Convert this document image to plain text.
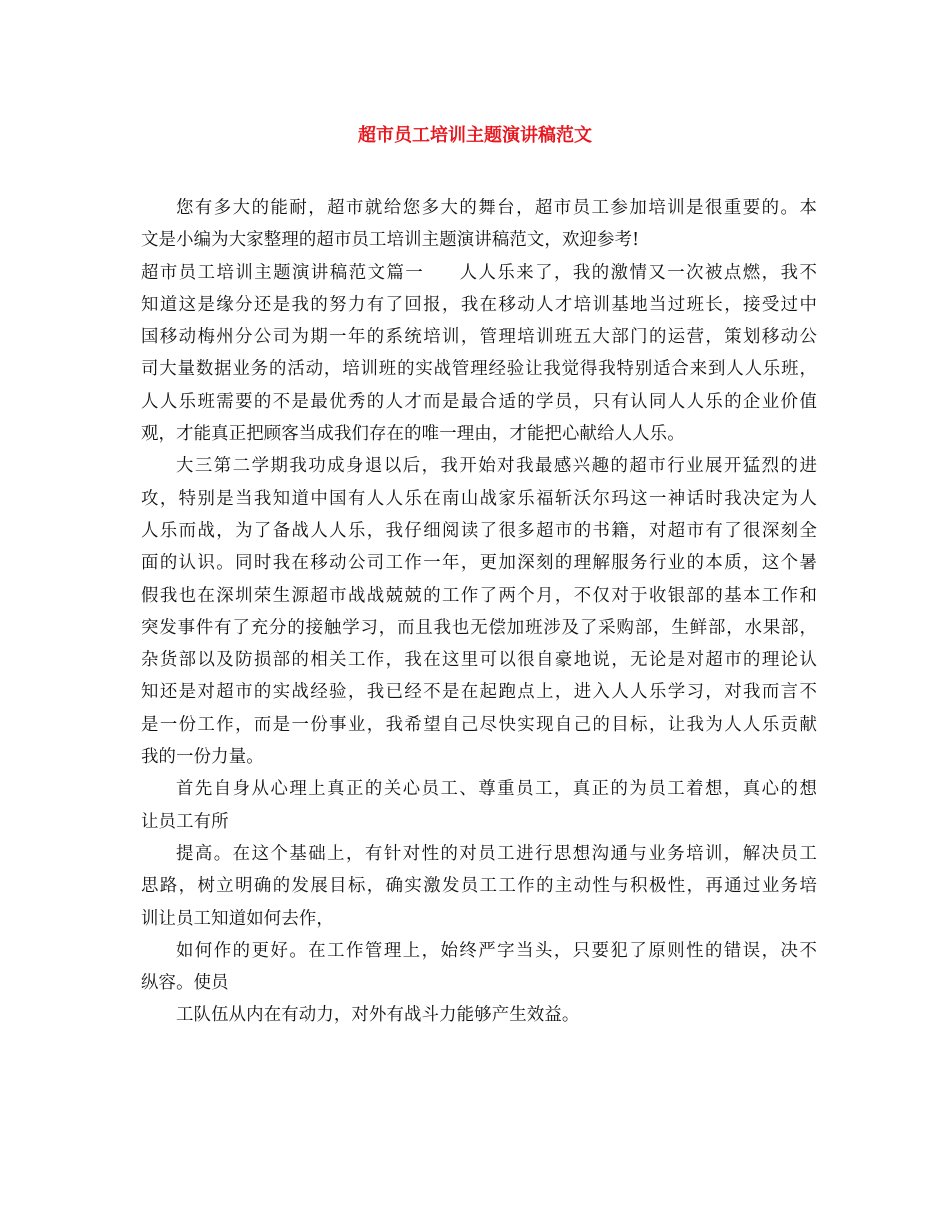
超市员工培训主题演讲稿范文
您有多大的能耐，超市就给您多大的舞台，超市员工参加培训是很重要的。本
文是小编为大家整理的超市员工培训主题演讲稿范文，欢迎参考!
超市员工培训主题演讲稿范文篇一 人人乐来了，我的激情又一次被点燃，我不
知道这是缘分还是我的努力有了回报，我在移动人才培训基地当过班长，接受过中
国移动梅州分公司为期一年的系统培训，管理培训班五大部门的运营，策划移动公
司大量数据业务的活动，培训班的实战管理经验让我觉得我特别适合来到人人乐班，
人人乐班需要的不是最优秀的人才而是最合适的学员，只有认同人人乐的企业价值
观，才能真正把顾客当成我们存在的唯一理由，才能把心献给人人乐。
大三第二学期我功成身退以后，我开始对我最感兴趣的超市行业展开猛烈的进
攻，特别是当我知道中国有人人乐在南山战家乐福斩沃尔玛这一神话时我决定为人
人乐而战，为了备战人人乐，我仔细阅读了很多超市的书籍，对超市有了很深刻全
面的认识。同时我在移动公司工作一年，更加深刻的理解服务行业的本质，这个暑
假我也在深圳荣生源超市战战兢兢的工作了两个月，不仅对于收银部的基本工作和
突发事件有了充分的接触学习，而且我也无偿加班涉及了采购部，生鲜部，水果部，
杂货部以及防损部的相关工作，我在这里可以很自豪地说，无论是对超市的理论认
知还是对超市的实战经验，我已经不是在起跑点上，进入人人乐学习，对我而言不
是一份工作，而是一份事业，我希望自己尽快实现自己的目标，让我为人人乐贡献
我的一份力量。
首先自身从心理上真正的关心员工、尊重员工，真正的为员工着想，真心的想
让员工有所
提高。在这个基础上，有针对性的对员工进行思想沟通与业务培训，解决员工
思路，树立明确的发展目标，确实激发员工工作的主动性与积极性，再通过业务培
训让员工知道如何去作，
如何作的更好。在工作管理上，始终严字当头，只要犯了原则性的错误，决不
纵容。使员
工队伍从内在有动力，对外有战斗力能够产生效益。
